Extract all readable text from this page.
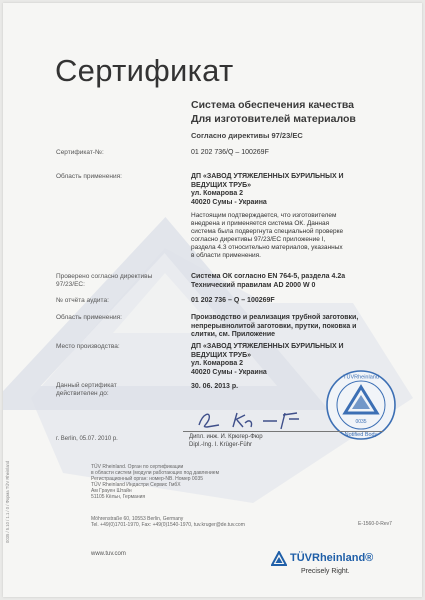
Сертификат
Система обеспечения качества
Для изготовителей материалов
Согласно директивы 97/23/EC
Сертификат-№:	01 202 736/Q – 100269F
Область применения:	ДП «ЗАВОД УТЯЖЕЛЕННЫХ БУРИЛЬНЫХ И
ВЕДУЩИХ ТРУБ»
ул. Комарова 2
40020 Сумы - Украина
Настоящим подтверждается, что изготовителем
внедрена и применяется система ОК. Данная
система была подвергнута специальной проверке
согласно директивы 97/23/EC приложение I,
раздела 4.3 относительно материалов, указанных
в области применения.
Проверено согласно директивы
97/23/EC:
Система ОК согласно EN 764-5, раздела 4.2а
Технический правилам AD 2000 W 0
№ отчёта аудита:	01 202 736 – Q – 100269F
Область применения:	Производство и реализация трубной заготовки,
непрерывнолитой заготовки, прутки, поковка и
слитки, см. Приложение
Место производства:	ДП «ЗАВОД УТЯЖЕЛЕННЫХ БУРИЛЬНЫХ И
ВЕДУЩИХ ТРУБ»
ул. Комарова 2
40020 Сумы - Украина
Данный сертификат
действителен до:
30. 06. 2013 р.
TÜVRheinland
0035
Notified Body
г. Berlin, 05.07. 2010 р.	Дипл. инж. И. Крюгер-Фюр
Dipl.-Ing. I. Krüger-Führ
TÜV Rheinland. Орган по сертификации
в области систем (модули работающих под давлением
Регистрационный орган: номер-NB. Номер 0035
TÜV Rheinland Индастри Сервис ГмбХ
Ам Грауен Штайн
51105 Кёльн, Германия
Möhrenstraße 60, 10553 Berlin, Germany
Tel. +49(0)1701-1970, Fax: +49(0)1540-1970, tuv.kruger@de.tuv.com	E-1560-0-Rev7
www.tuv.com	TÜVRheinland®
Precisely Right.
0035 / 5.10 / 1.1 / 0 / Форма TÜV Rheinland
